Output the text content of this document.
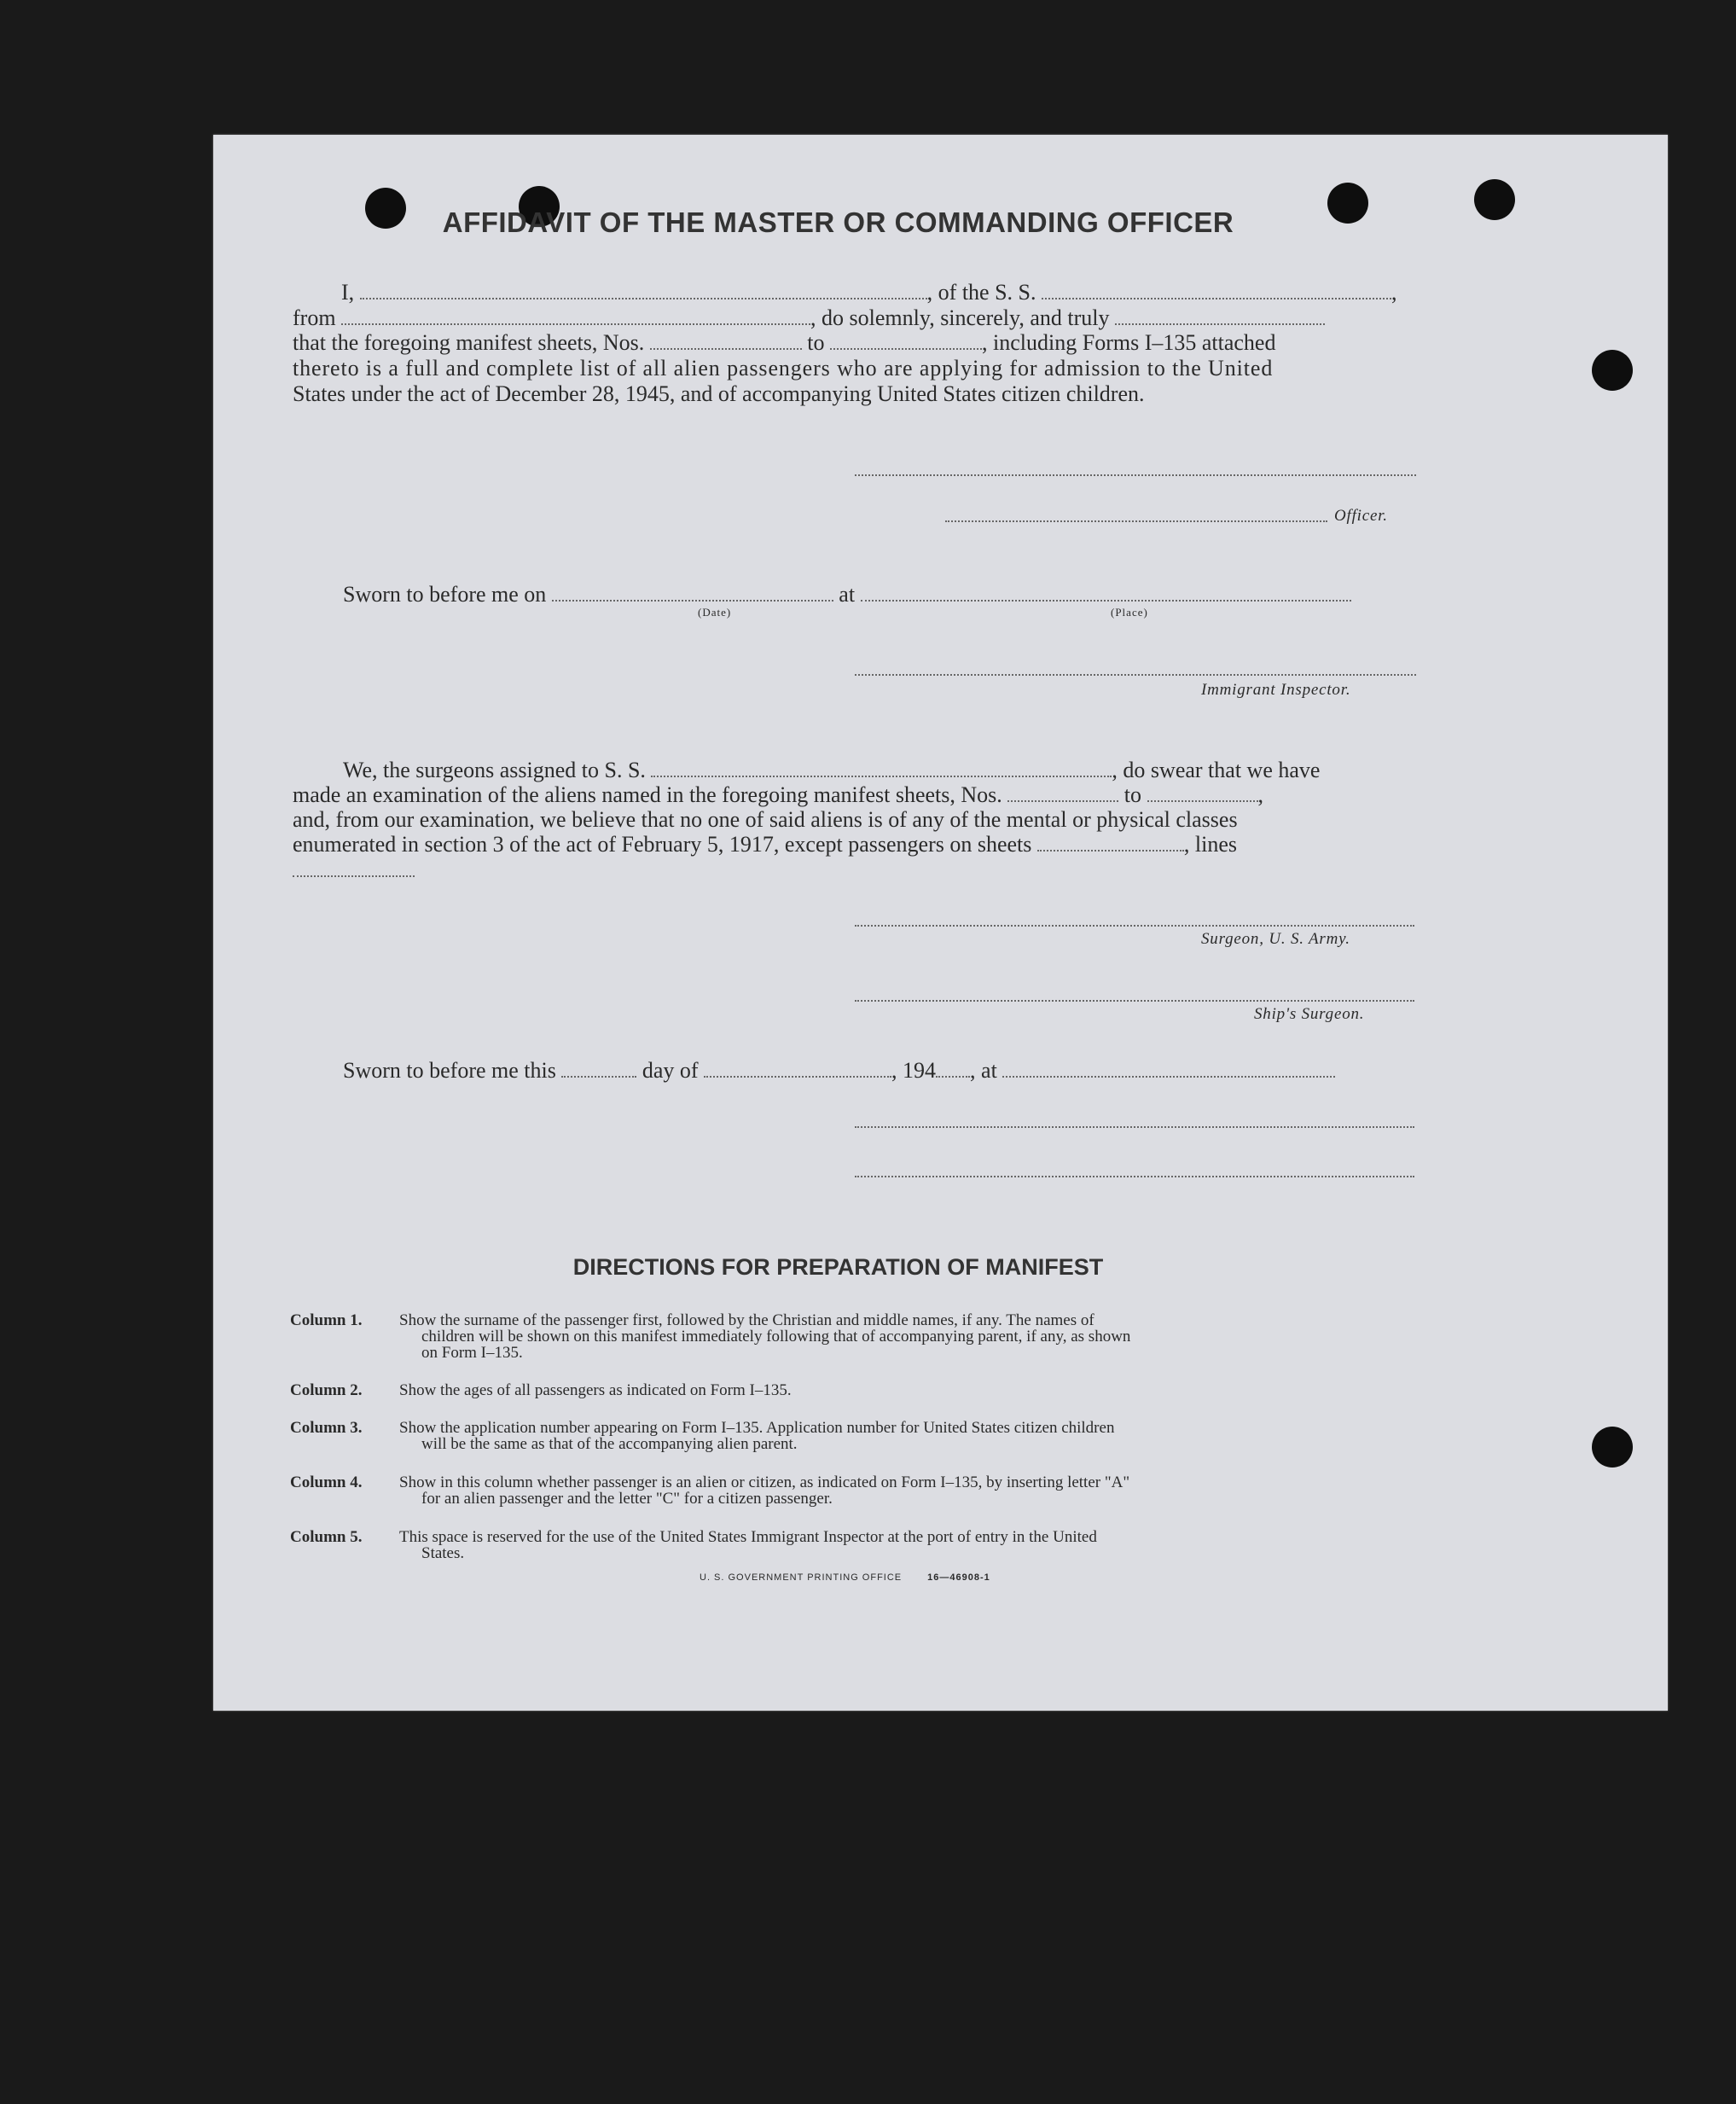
AFFIDAVIT OF THE MASTER OR COMMANDING OFFICER
I,	, of the S. S.	,
from	, do solemnly, sincerely, and truly
that the foregoing manifest sheets, Nos.	to	, including Forms I–135 attached
thereto is a full and complete list of all alien passengers who are applying for admission to the United
States under the act of December 28, 1945, and of accompanying United States citizen children.
Officer.
Sworn to before me on	at
(Date)	(Place)
Immigrant Inspector.
We, the surgeons assigned to S. S.	, do swear that we have
made an examination of the aliens named in the foregoing manifest sheets, Nos.	to	,
and, from our examination, we believe that no one of said aliens is of any of the mental or physical classes
enumerated in section 3 of the act of February 5, 1917, except passengers on sheets	, lines
Surgeon, U. S. Army.
Ship's Surgeon.
Sworn to before me this	day of	, 194 , at
DIRECTIONS FOR PREPARATION OF MANIFEST
Column 1. Show the surname of the passenger first, followed by the Christian and middle names, if any. The names of
children will be shown on this manifest immediately following that of accompanying parent, if any, as shown
on Form I–135.
Column 2. Show the ages of all passengers as indicated on Form I–135.
Column 3. Show the application number appearing on Form I–135. Application number for United States citizen children
will be the same as that of the accompanying alien parent.
Column 4. Show in this column whether passenger is an alien or citizen, as indicated on Form I–135, by inserting letter "A"
for an alien passenger and the letter "C" for a citizen passenger.
Column 5. This space is reserved for the use of the United States Immigrant Inspector at the port of entry in the United
States.
U. S. GOVERNMENT PRINTING OFFICE	16—46908-1
